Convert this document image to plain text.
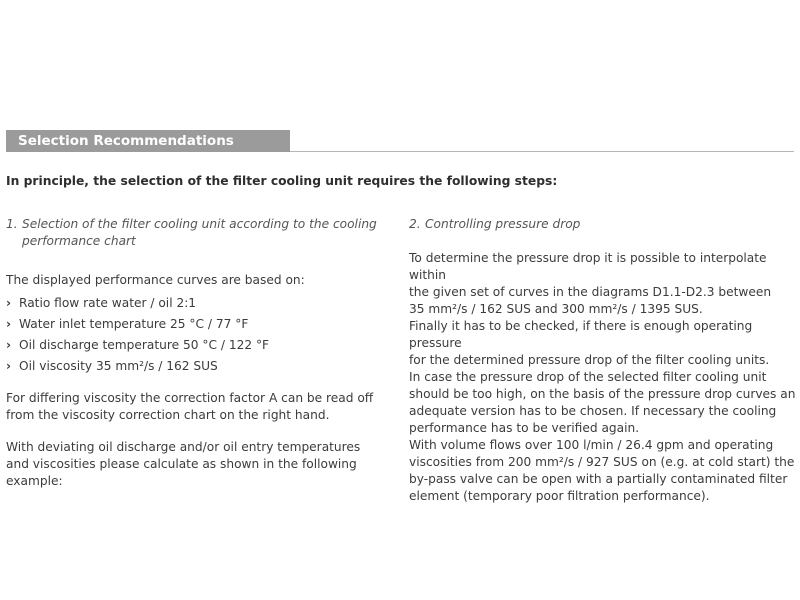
Selection Recommendations
In principle, the selection of the filter cooling unit requires the following steps:
1. Selection of the filter cooling unit according to the cooling performance chart

The displayed performance curves are based on:

› Ratio flow rate water / oil 2:1
› Water inlet temperature 25 °C / 77 °F
› Oil discharge temperature 50 °C / 122 °F
› Oil viscosity 35 mm²/s / 162 SUS

For differing viscosity the correction factor A can be read off from the viscosity correction chart on the right hand.

With deviating oil discharge and/or oil entry temperatures and viscosities please calculate as shown in the following example:

2. Controlling pressure drop
To determine the pressure drop it is possible to interpolate within
the given set of curves in the diagrams D1.1-D2.3 between
35 mm²/s / 162 SUS and 300 mm²/s / 1395 SUS.
Finally it has to be checked, if there is enough operating pressure
for the determined pressure drop of the filter cooling units.
In case the pressure drop of the selected filter cooling unit
should be too high, on the basis of the pressure drop curves an
adequate version has to be chosen. If necessary the cooling
performance has to be verified again.
With volume flows over 100 l/min / 26.4 gpm and operating
viscosities from 200 mm²/s / 927 SUS on (e.g. at cold start) the
by-pass valve can be open with a partially contaminated filter
element (temporary poor filtration performance).
